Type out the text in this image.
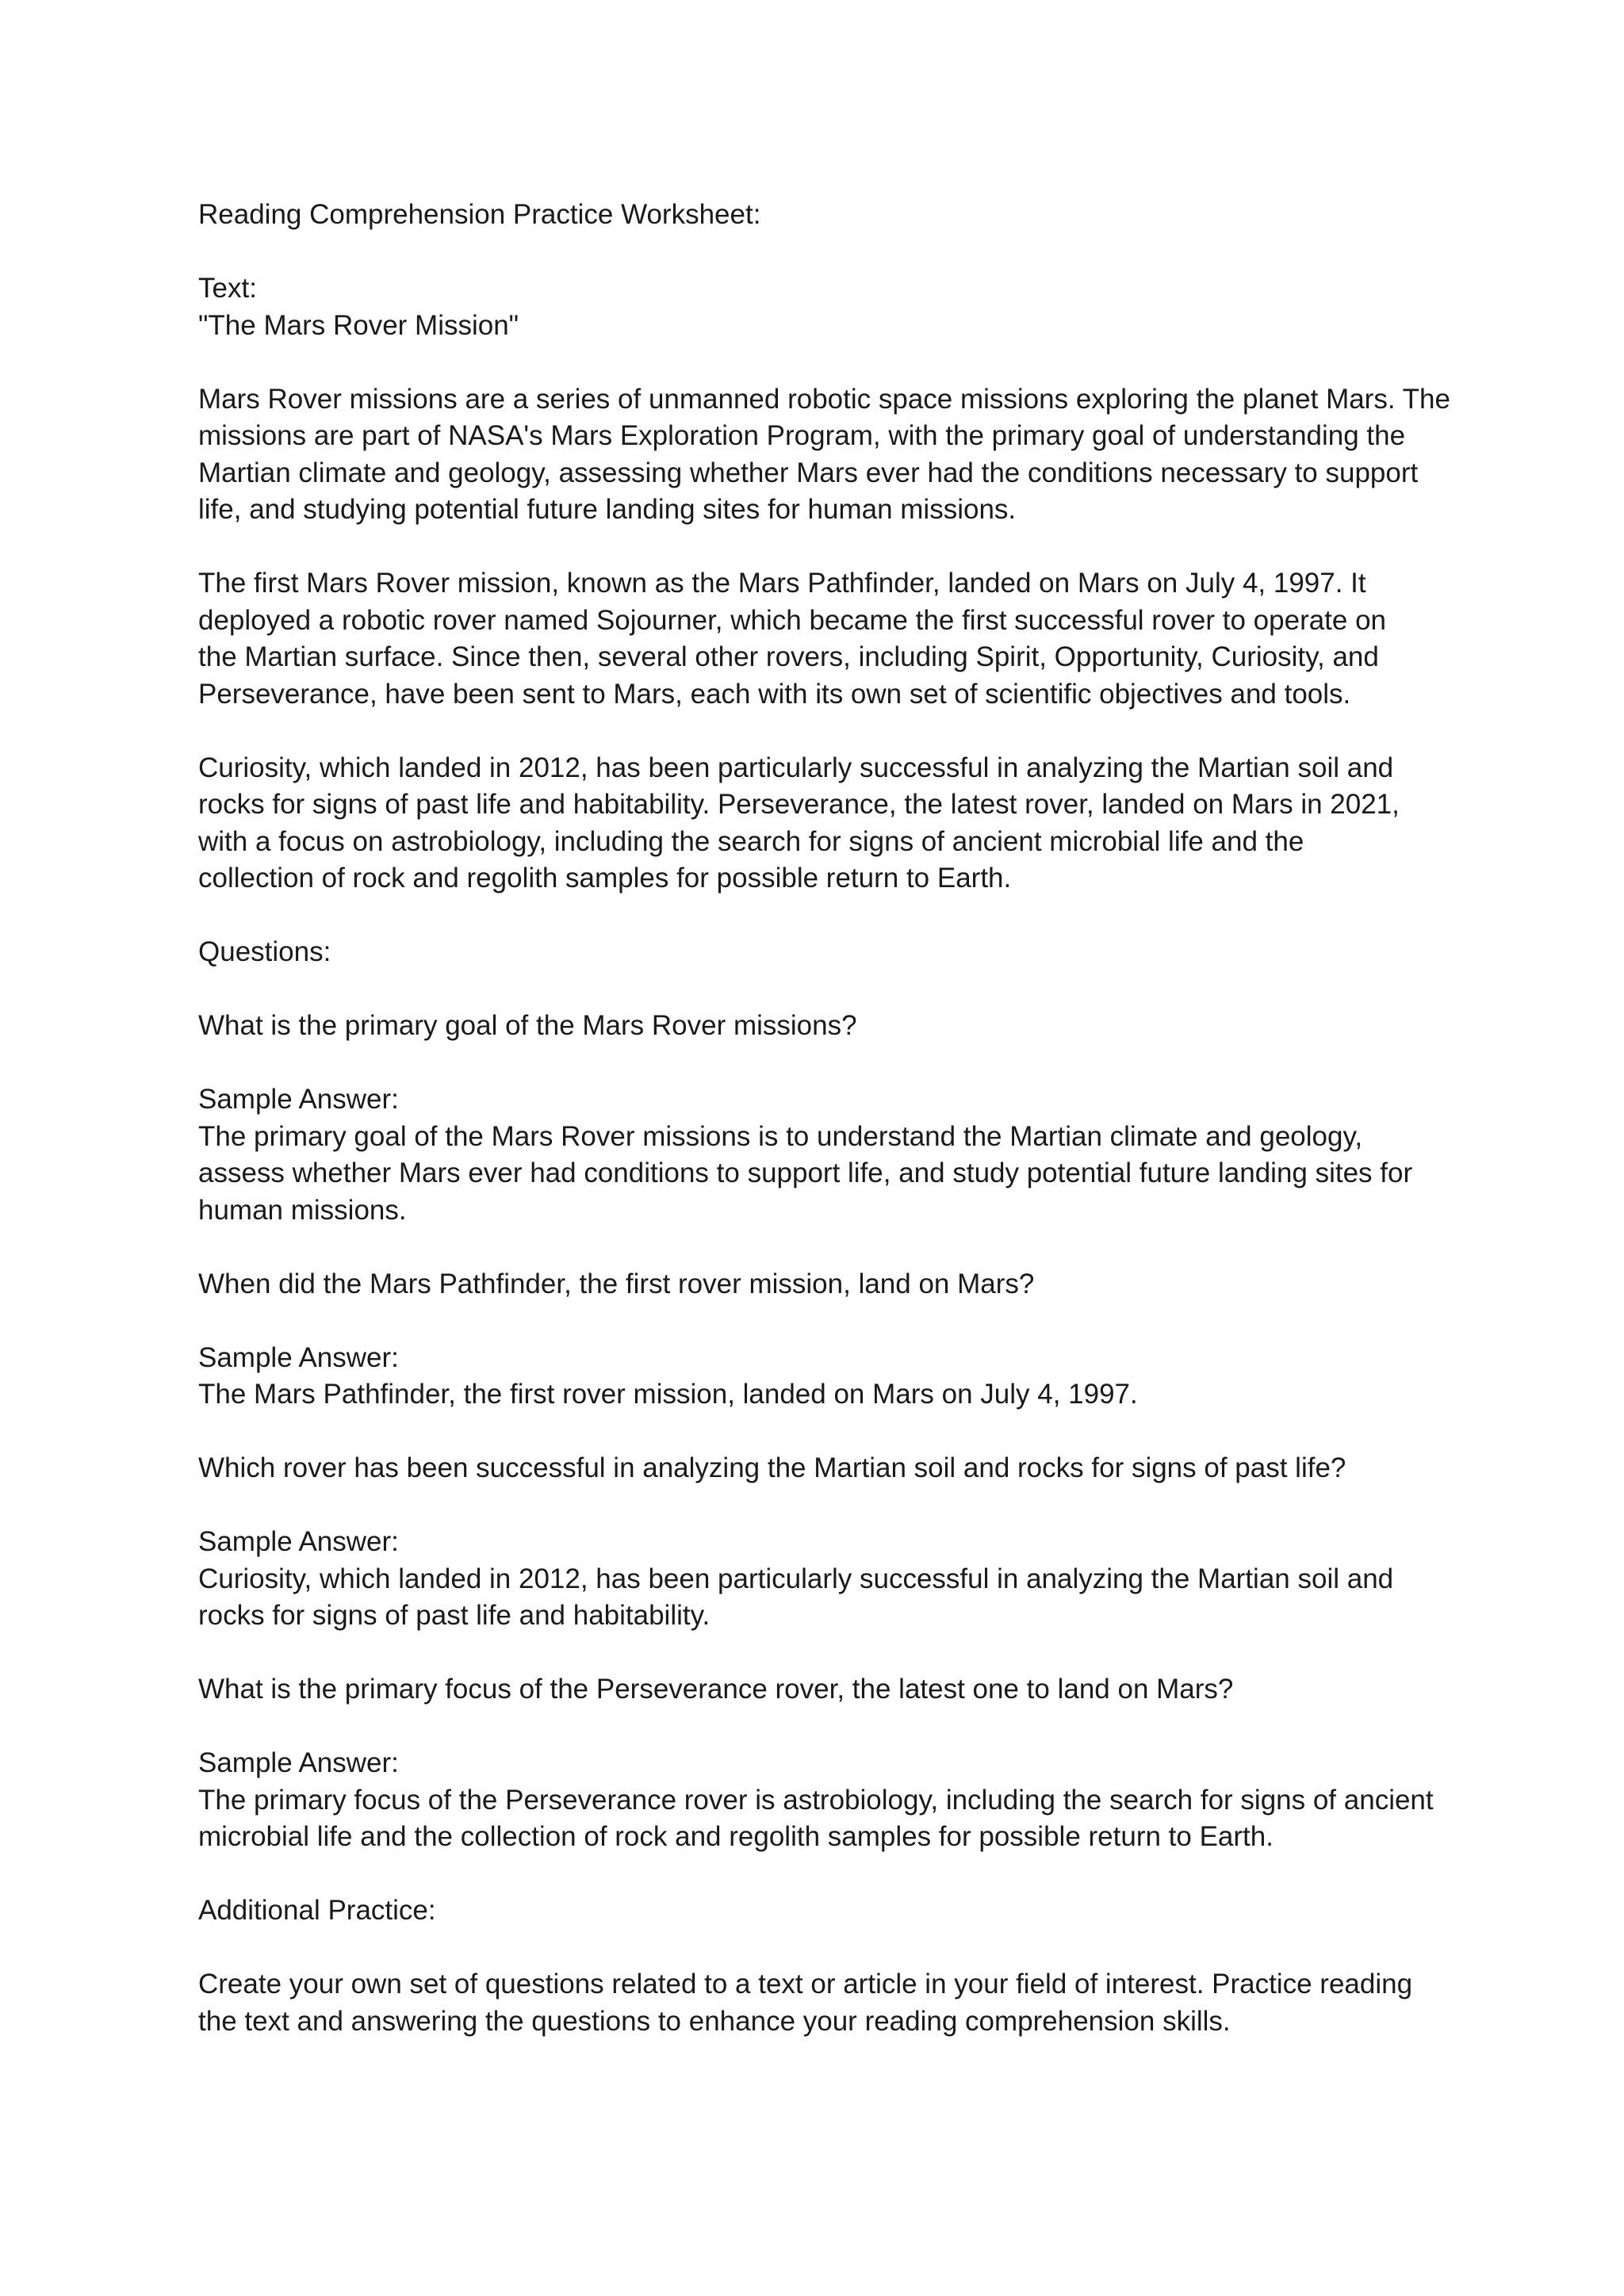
Reading Comprehension Practice Worksheet:

Text:

"The Mars Rover Mission"

Mars Rover missions are a series of unmanned robotic space missions exploring the planet Mars. The
missions are part of NASA's Mars Exploration Program, with the primary goal of understanding the
Martian climate and geology, assessing whether Mars ever had the conditions necessary to support
life, and studying potential future landing sites for human missions.

The first Mars Rover mission, known as the Mars Pathfinder, landed on Mars on July 4, 1997. It
deployed a robotic rover named Sojourner, which became the first successful rover to operate on
the Martian surface. Since then, several other rovers, including Spirit, Opportunity, Curiosity, and
Perseverance, have been sent to Mars, each with its own set of scientific objectives and tools.

Curiosity, which landed in 2012, has been particularly successful in analyzing the Martian soil and
rocks for signs of past life and habitability. Perseverance, the latest rover, landed on Mars in 2021,
with a focus on astrobiology, including the search for signs of ancient microbial life and the
collection of rock and regolith samples for possible return to Earth.

Questions:

What is the primary goal of the Mars Rover missions?

Sample Answer:

The primary goal of the Mars Rover missions is to understand the Martian climate and geology,
assess whether Mars ever had conditions to support life, and study potential future landing sites for
human missions.

When did the Mars Pathfinder, the first rover mission, land on Mars?

Sample Answer:

The Mars Pathfinder, the first rover mission, landed on Mars on July 4, 1997.

Which rover has been successful in analyzing the Martian soil and rocks for signs of past life?

Sample Answer:

Curiosity, which landed in 2012, has been particularly successful in analyzing the Martian soil and
rocks for signs of past life and habitability.

What is the primary focus of the Perseverance rover, the latest one to land on Mars?

Sample Answer:

The primary focus of the Perseverance rover is astrobiology, including the search for signs of ancient
microbial life and the collection of rock and regolith samples for possible return to Earth.

Additional Practice:

Create your own set of questions related to a text or article in your field of interest. Practice reading
the text and answering the questions to enhance your reading comprehension skills.
